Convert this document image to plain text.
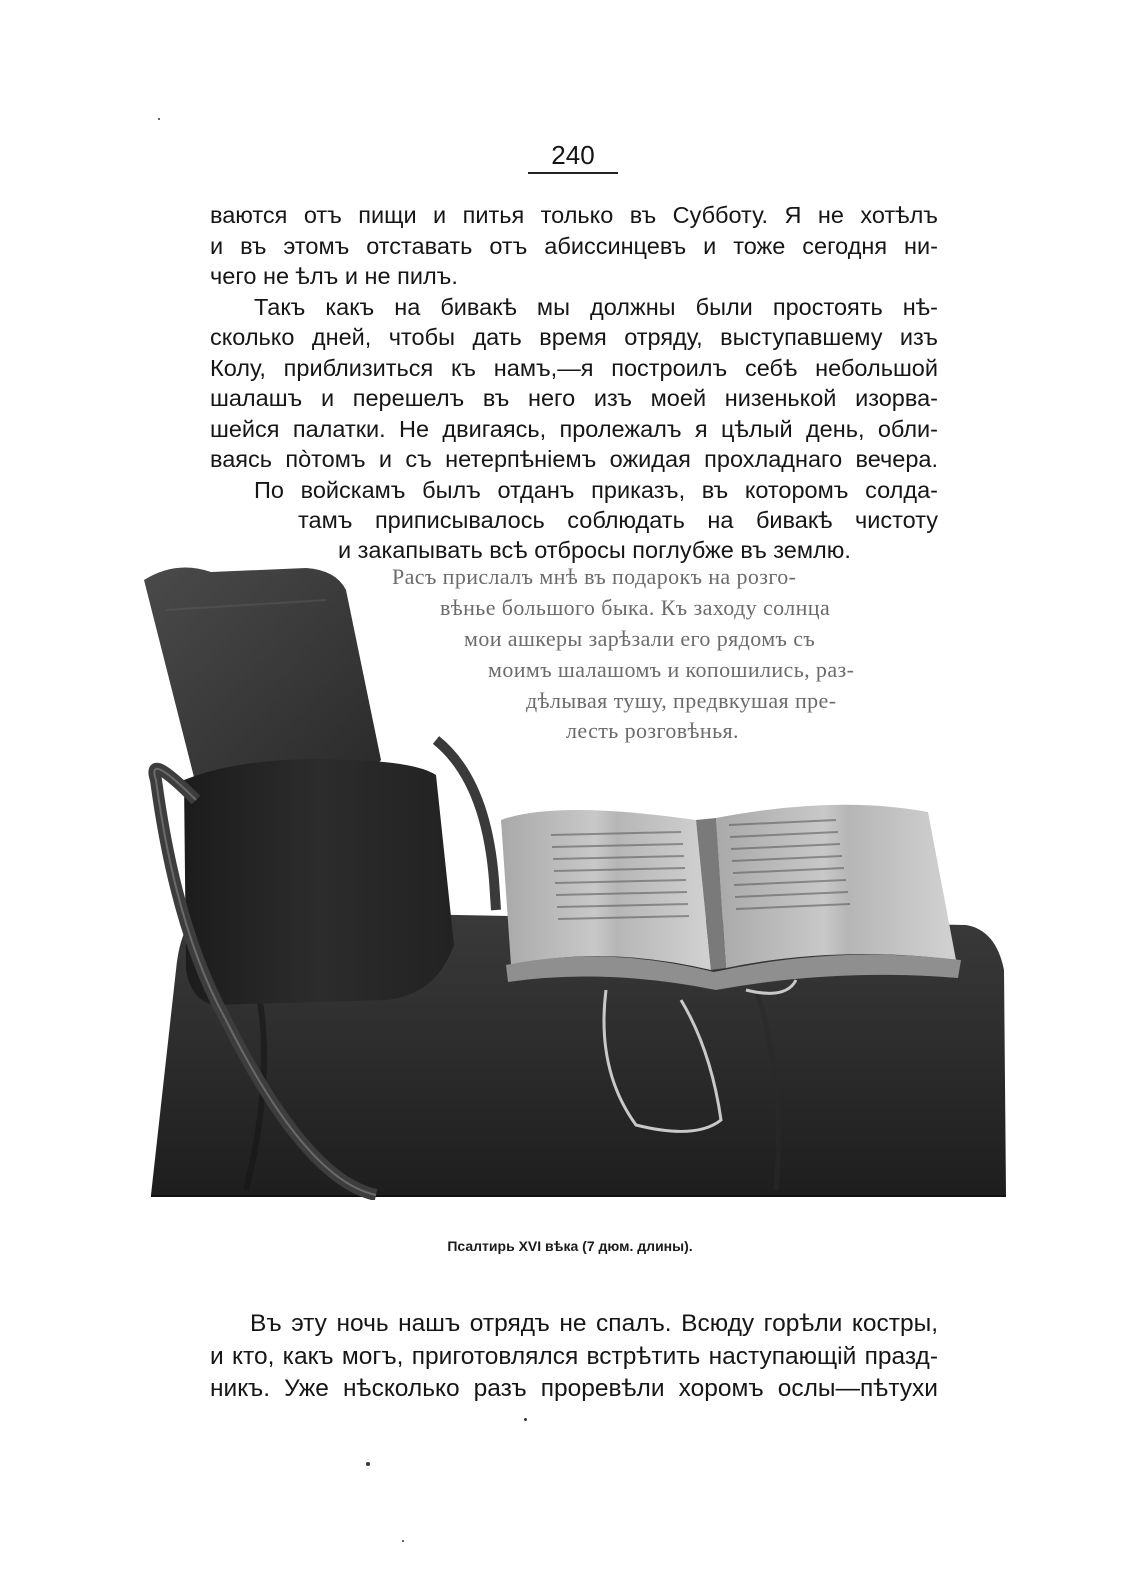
240

ваются отъ пищи и питья только въ Субботу. Я не хотѣлъ
и въ этомъ отставать отъ абиссинцевъ и тоже сегодня ни-
чего не ѣлъ и не пилъ.

Такъ какъ на бивакѣ мы должны были простоять нѣ-
сколько дней, чтобы дать время отряду, выступавшему изъ
Колу, приблизиться къ намъ,—я построилъ себѣ небольшой
шалашъ и перешелъ въ него изъ моей низенькой изорва-
шейся палатки. Не двигаясь, пролежалъ я цѣлый день, обли-
ваясь пòтомъ и съ нетерпѣніемъ ожидая прохладнаго вечера.

По войскамъ былъ отданъ приказъ, въ которомъ солда-
тамъ приписывалось соблюдать на бивакѣ чистоту
и закапывать всѣ отбросы поглубже въ землю.
Расъ прислалъ мнѣ въ подарокъ на розго-
вѣнье большого быка. Къ заходу солнца
мои ашкеры зарѣзали его рядомъ съ
моимъ шалашомъ и копошились, раз-
дѣлывая тушу, предвкушая пре-
лесть розговѣнья.
Псалтирь XVI вѣка (7 дюм. длины).

Въ эту ночь нашъ отрядъ не спалъ. Всюду горѣли костры,
и кто, какъ могъ, приготовлялся встрѣтить наступающій празд-
никъ. Уже нѣсколько разъ проревѣли хоромъ ослы—пѣтухи
